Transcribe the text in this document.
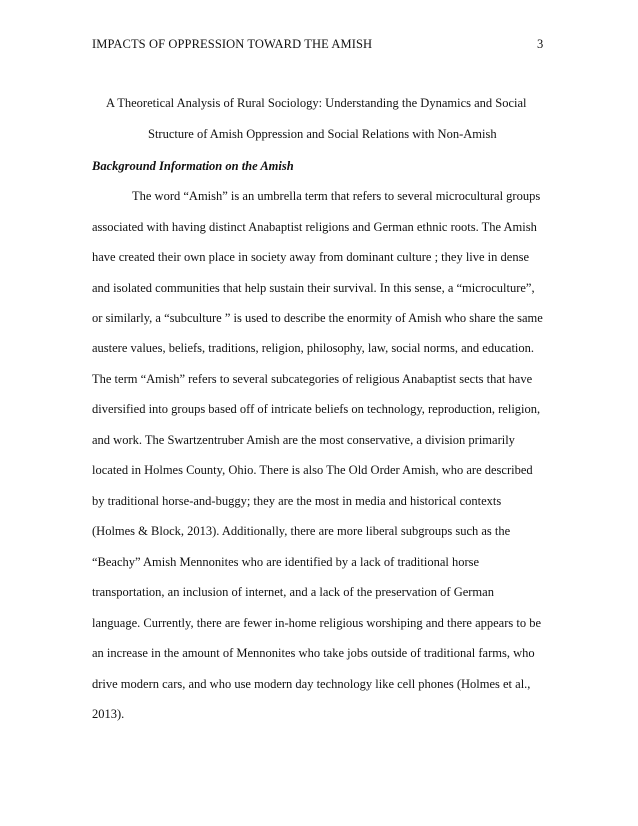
IMPACTS OF OPPRESSION TOWARD THE AMISH	3
A Theoretical Analysis of Rural Sociology: Understanding the Dynamics and Social
Structure of Amish Oppression and Social Relations with Non-Amish
Background Information on the Amish
The word “Amish” is an umbrella term that refers to several microcultural groups
associated with having distinct Anabaptist religions and German ethnic roots. The Amish
have created their own place in society away from dominant culture ; they live in dense
and isolated communities that help sustain their survival. In this sense, a “microculture”,
or similarly, a “subculture ” is used to describe the enormity of Amish who share the same
austere values, beliefs, traditions, religion, philosophy, law, social norms, and education.
The term “Amish” refers to several subcategories of religious Anabaptist sects that have
diversified into groups based off of intricate beliefs on technology, reproduction, religion,
and work. The Swartzentruber Amish are the most conservative, a division primarily
located in Holmes County, Ohio. There is also The Old Order Amish, who are described
by traditional horse-and-buggy; they are the most in media and historical contexts
(Holmes & Block, 2013). Additionally, there are more liberal subgroups such as the
“Beachy” Amish Mennonites who are identified by a lack of traditional horse
transportation, an inclusion of internet, and a lack of the preservation of German
language. Currently, there are fewer in-home religious worshiping and there appears to be
an increase in the amount of Mennonites who take jobs outside of traditional farms, who
drive modern cars, and who use modern day technology like cell phones (Holmes et al.,
2013).
